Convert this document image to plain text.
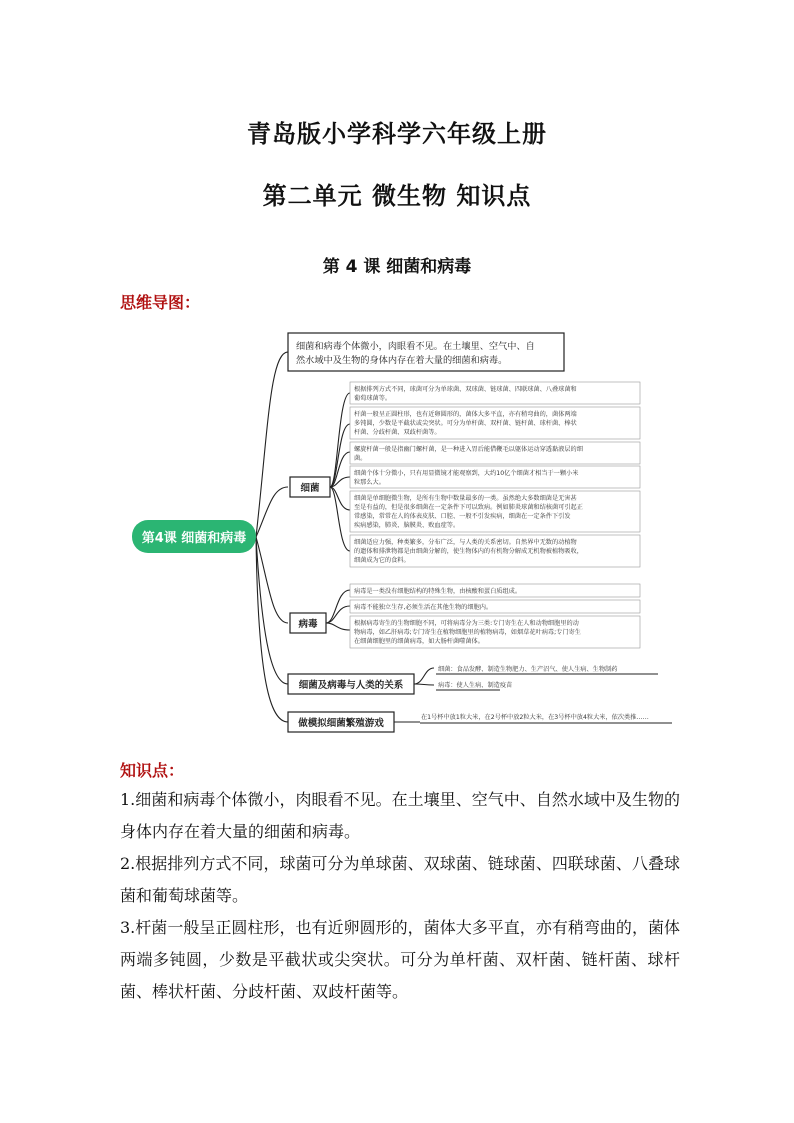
青岛版小学科学六年级上册
第二单元 微生物 知识点
第 4 课 细菌和病毒
思维导图：
第4课 细菌和病毒
细菌和病毒个体微小，肉眼看不见。在土壤里、空气中、自
然水域中及生物的身体内存在着大量的细菌和病毒。
细菌
病毒
细菌及病毒与人类的关系
做模拟细菌繁殖游戏
根据排列方式不同，球菌可分为单球菌、双球菌、链球菌、四联球菌、八叠球菌和
葡萄球菌等。
杆菌一般呈正圆柱形，也有近卵圆形的，菌体大多平直，亦有稍弯曲的，菌体两端
多钝圆，少数是平截状或尖突状。可分为单杆菌、双杆菌、链杆菌、球杆菌、棒状
杆菌、分歧杆菌、双歧杆菌等。
螺旋杆菌一般是指幽门螺杆菌，是一种进入胃后能借鞭毛以躯体运动穿透黏液层的细
菌。
细菌个体十分微小，只有用显微镜才能观察到，大约10亿个细菌才相当于一颗小米
粒那么大。
细菌是单细胞微生物，是所有生物中数量最多的一类。虽然绝大多数细菌是无害甚
至是有益的，但是很多细菌在一定条件下可以致病。例如肺炎球菌和结核菌可引起正
常感染，常常在人的体表皮肤、口腔、一般不引发疾病，细菌在一定条件下引发
疾病感染，肺炎、脑膜炎、败血症等。
细菌适应力强，种类繁多，分布广泛，与人类的关系密切。自然界中无数的动植物
的遗体和排泄物都是由细菌分解的，使生物体内的有机物分解成无机物被植物吸收，
细菌成为它的食料。
病毒是一类没有细胞结构的特殊生物，由核酸和蛋白质组成。
病毒不能独立生存,必须生活在其他生物的细胞内。
根据病毒寄生的生物细胞不同，可将病毒分为三类:专门寄生在人和动物细胞里的动
物病毒，如乙肝病毒;专门寄生在植物细胞里的植物病毒，如烟草花叶病毒;专门寄生
在细菌细胞里的细菌病毒，如大肠杆菌噬菌体。
细菌：食品发酵、制造生物肥力、生产沼气、使人生病、生物制药
病毒：使人生病、制造疫苗
在1号杯中放1粒大米，在2号杯中放2粒大米，在3号杯中放4粒大米，依次类推……
知识点：
1.细菌和病毒个体微小，肉眼看不见。在土壤里、空气中、自然水域中及生物的身体内存在着大量的细菌和病毒。
2.根据排列方式不同，球菌可分为单球菌、双球菌、链球菌、四联球菌、八叠球菌和葡萄球菌等。
3.杆菌一般呈正圆柱形，也有近卵圆形的，菌体大多平直，亦有稍弯曲的，菌体两端多钝圆，少数是平截状或尖突状。可分为单杆菌、双杆菌、链杆菌、球杆菌、棒状杆菌、分歧杆菌、双歧杆菌等。
